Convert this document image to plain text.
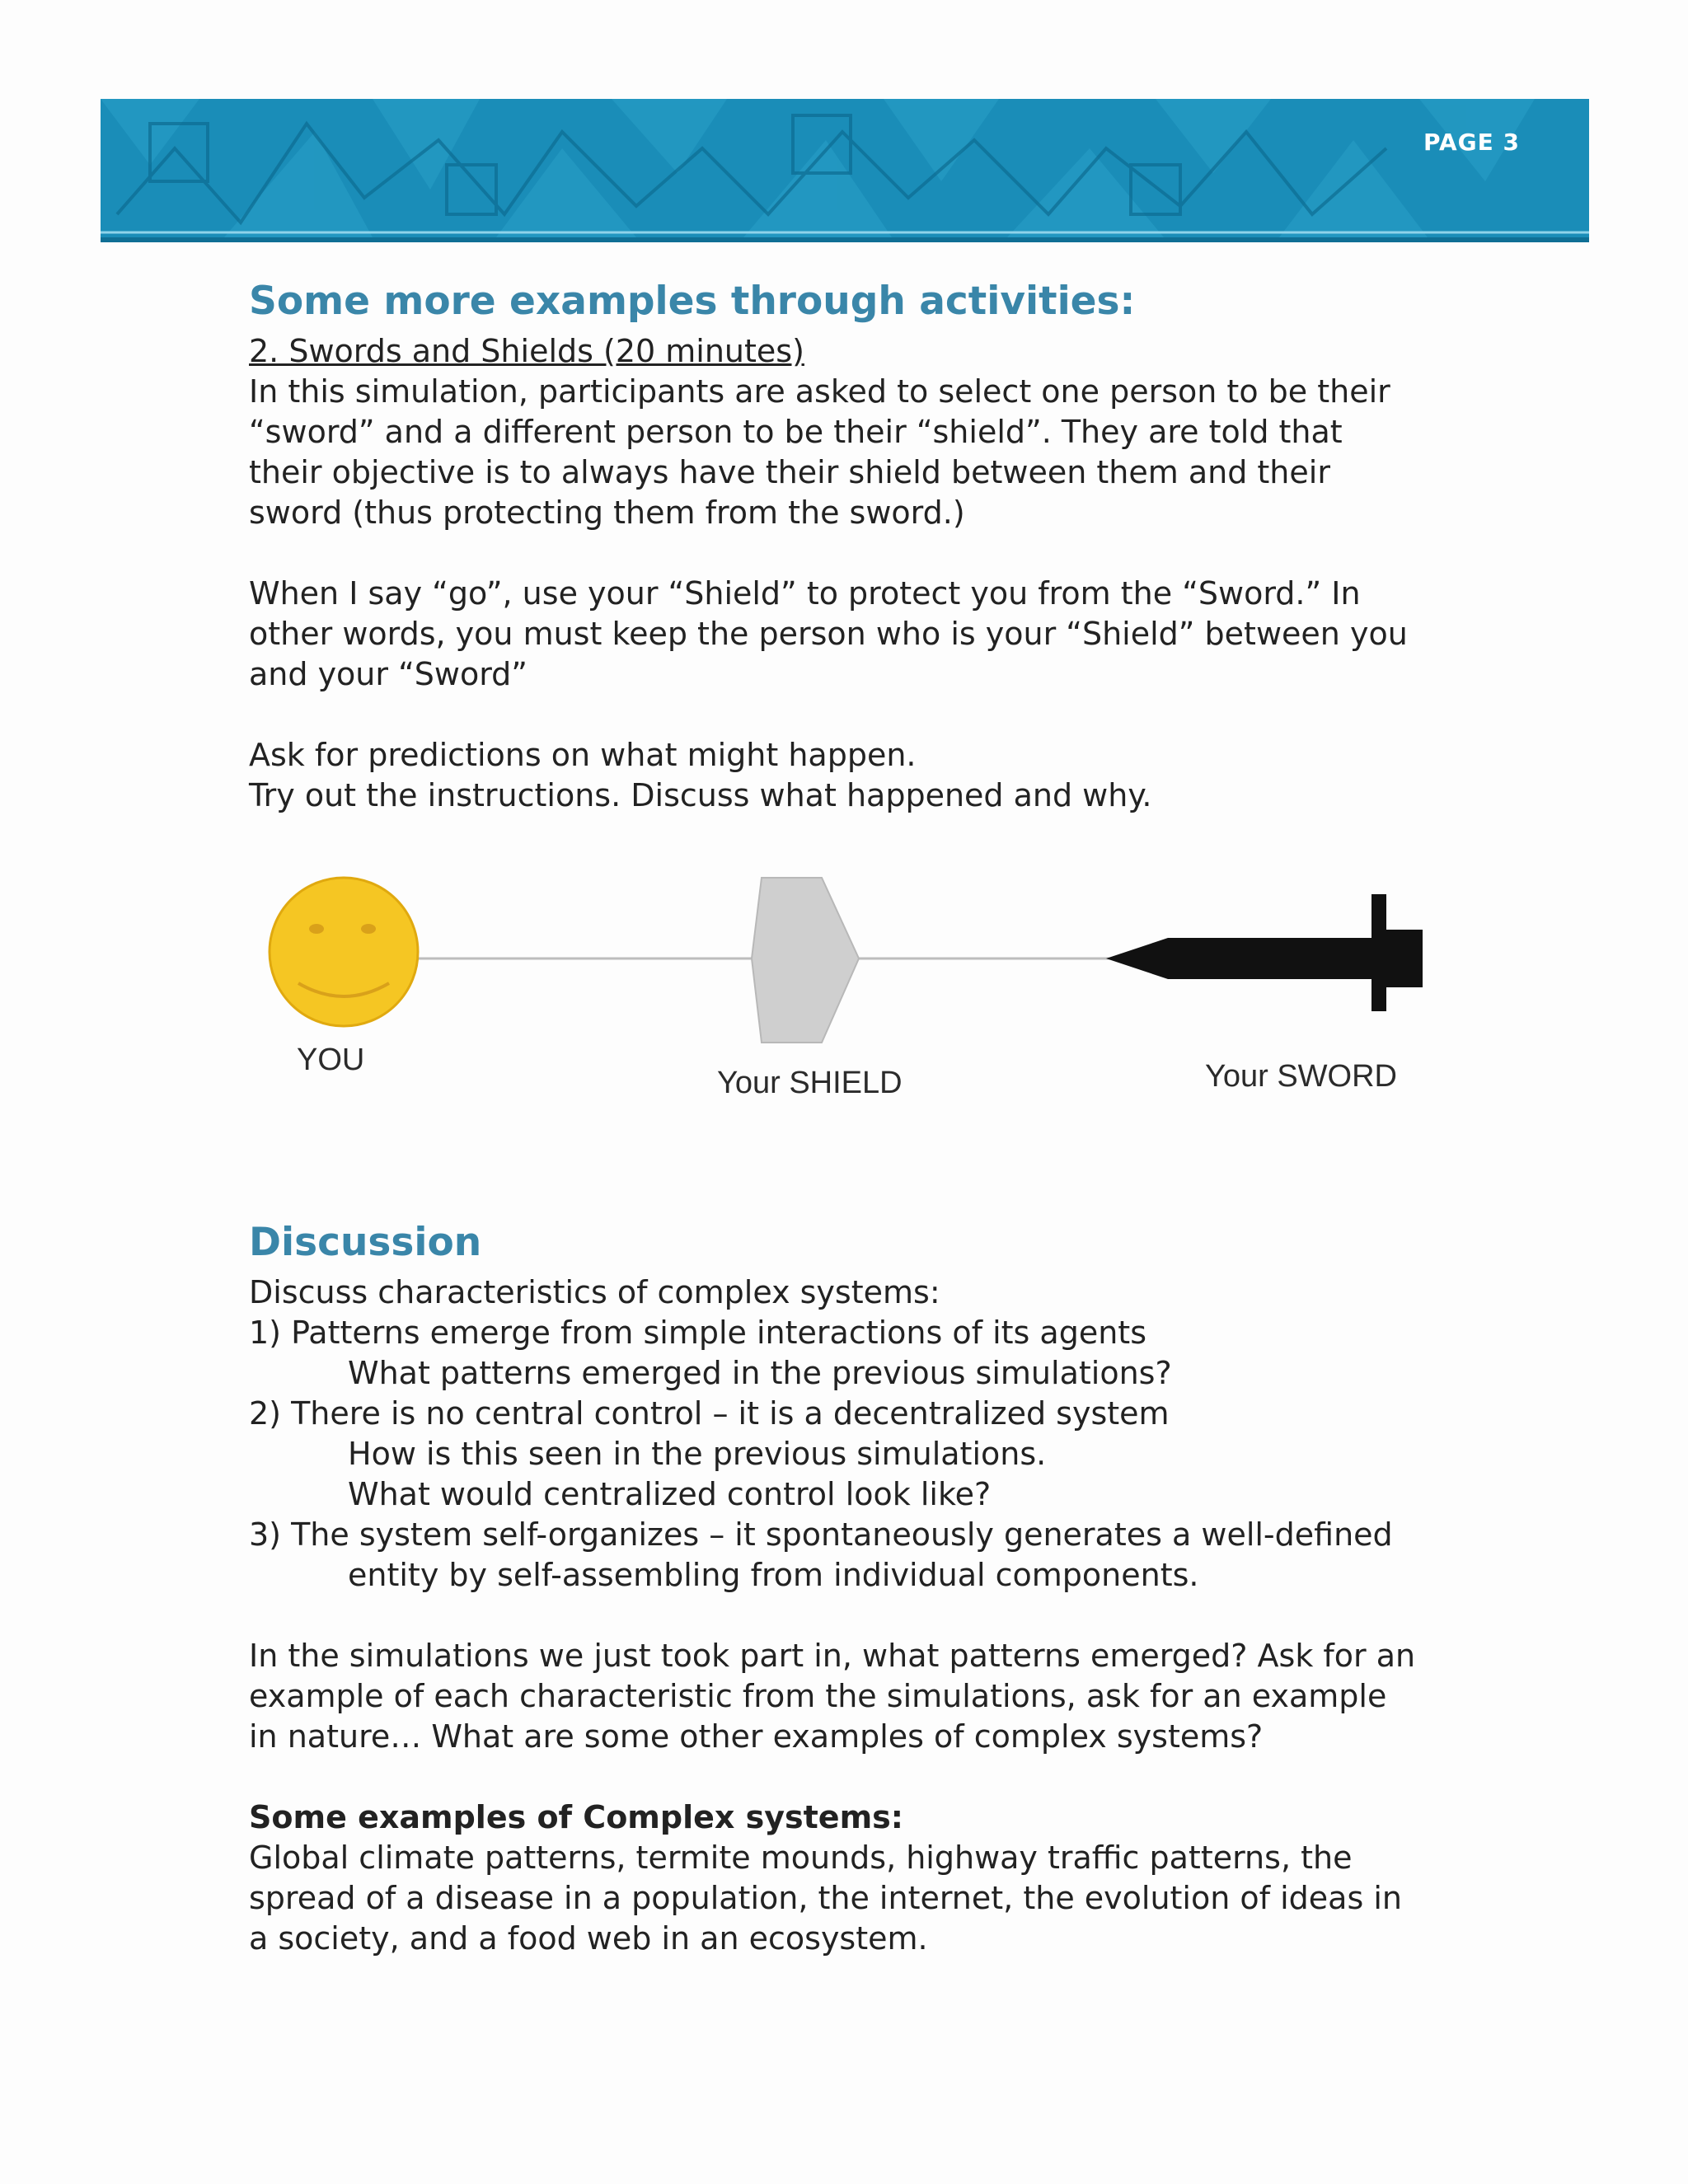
PAGE 3
Some more examples through activities:

2. Swords and Shields (20 minutes)

In this simulation, participants are asked to select one person to be their

“sword” and a different person to be their “shield”. They are told that

their objective is to always have their shield between them and their

sword (thus protecting them from the sword.)

When I say “go”, use your “Shield” to protect you from the “Sword.” In

other words, you must keep the person who is your “Shield” between you

and your “Sword”

Ask for predictions on what might happen.

Try out the instructions. Discuss what happened and why.

YOU
Your SHIELD	Your SWORD
Discussion

Discuss characteristics of complex systems:

1) Patterns emerge from simple interactions of its agents

What patterns emerged in the previous simulations?

2) There is no central control – it is a decentralized system

How is this seen in the previous simulations.

What would centralized control look like?

3) The system self-organizes – it spontaneously generates a well-defined

entity by self-assembling from individual components.

In the simulations we just took part in, what patterns emerged? Ask for an

example of each characteristic from the simulations, ask for an example

in nature… What are some other examples of complex systems?

Some examples of Complex systems:

Global climate patterns, termite mounds, highway traffic patterns, the

spread of a disease in a population, the internet, the evolution of ideas in

a society, and a food web in an ecosystem.
